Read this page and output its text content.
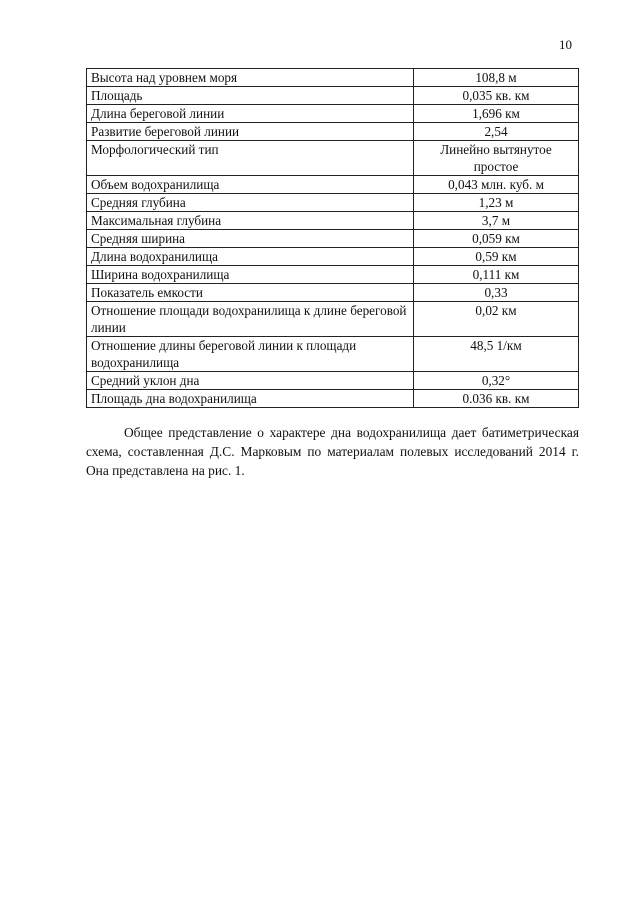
10
Высота над уровнем моря	108,8 м
Площадь	0,035 кв. км
Длина береговой линии	1,696 км
Развитие береговой линии	2,54
Морфологический тип	Линейно вытянутое простое
Объем водохранилища	0,043 млн. куб. м
Средняя глубина	1,23 м
Максимальная глубина	3,7 м
Средняя ширина	0,059 км
Длина водохранилища	0,59 км
Ширина водохранилища	0,111 км
Показатель емкости	0,33
Отношение площади водохранилища к длине береговой линии	0,02 км
Отношение длины береговой линии к площади водохранилища	48,5 1/км
Средний уклон дна	0,32°
Площадь дна водохранилища	0.036 кв. км

Общее представление о характере дна водохранилища дает батиметрическая схема, составленная Д.С. Марковым по материалам полевых исследований 2014 г. Она представлена на рис. 1.
